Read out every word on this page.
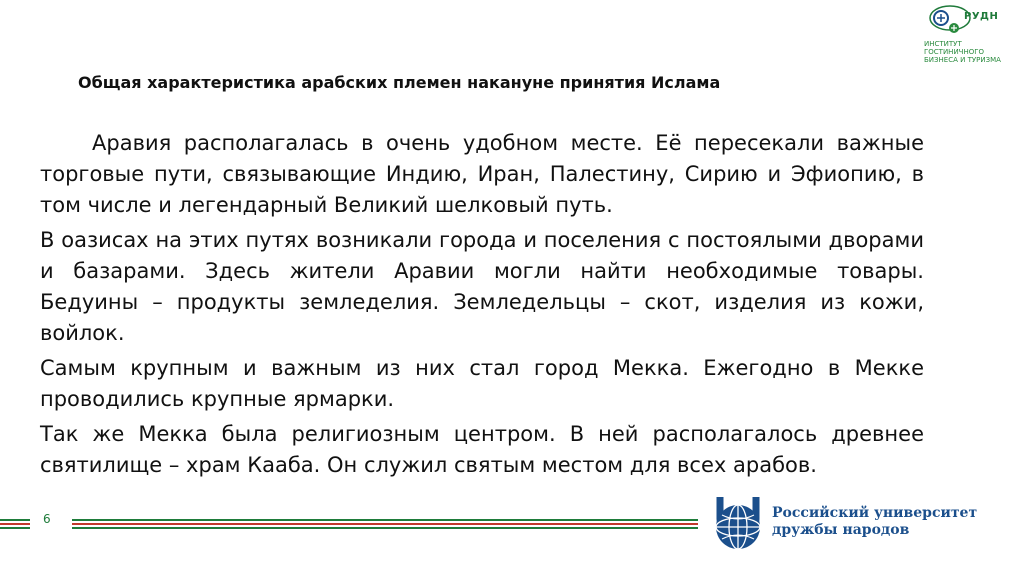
РУДН
ИНСТИТУТ ГОСТИНИЧНОГО БИЗНЕСА И ТУРИЗМА
Общая характеристика арабских племен накануне принятия Ислама

Аравия располагалась в очень удобном месте. Её пересекали важные торговые пути, связывающие Индию, Иран, Палестину, Сирию и Эфиопию, в том числе и легендарный Великий шелковый путь.

В оазисах на этих путях возникали города и поселения с постоялыми дворами и базарами. Здесь жители Аравии могли найти необходимые товары. Бедуины – продукты земледелия. Земледельцы – скот, изделия из кожи, войлок.

Самым крупным и важным из них стал город Мекка. Ежегодно в Мекке проводились крупные ярмарки.

Так же Мекка была религиозным центром. В ней располагалось древнее святилище – храм Кааба. Он служил святым местом для всех арабов.

6	Российский университет
дружбы народов
